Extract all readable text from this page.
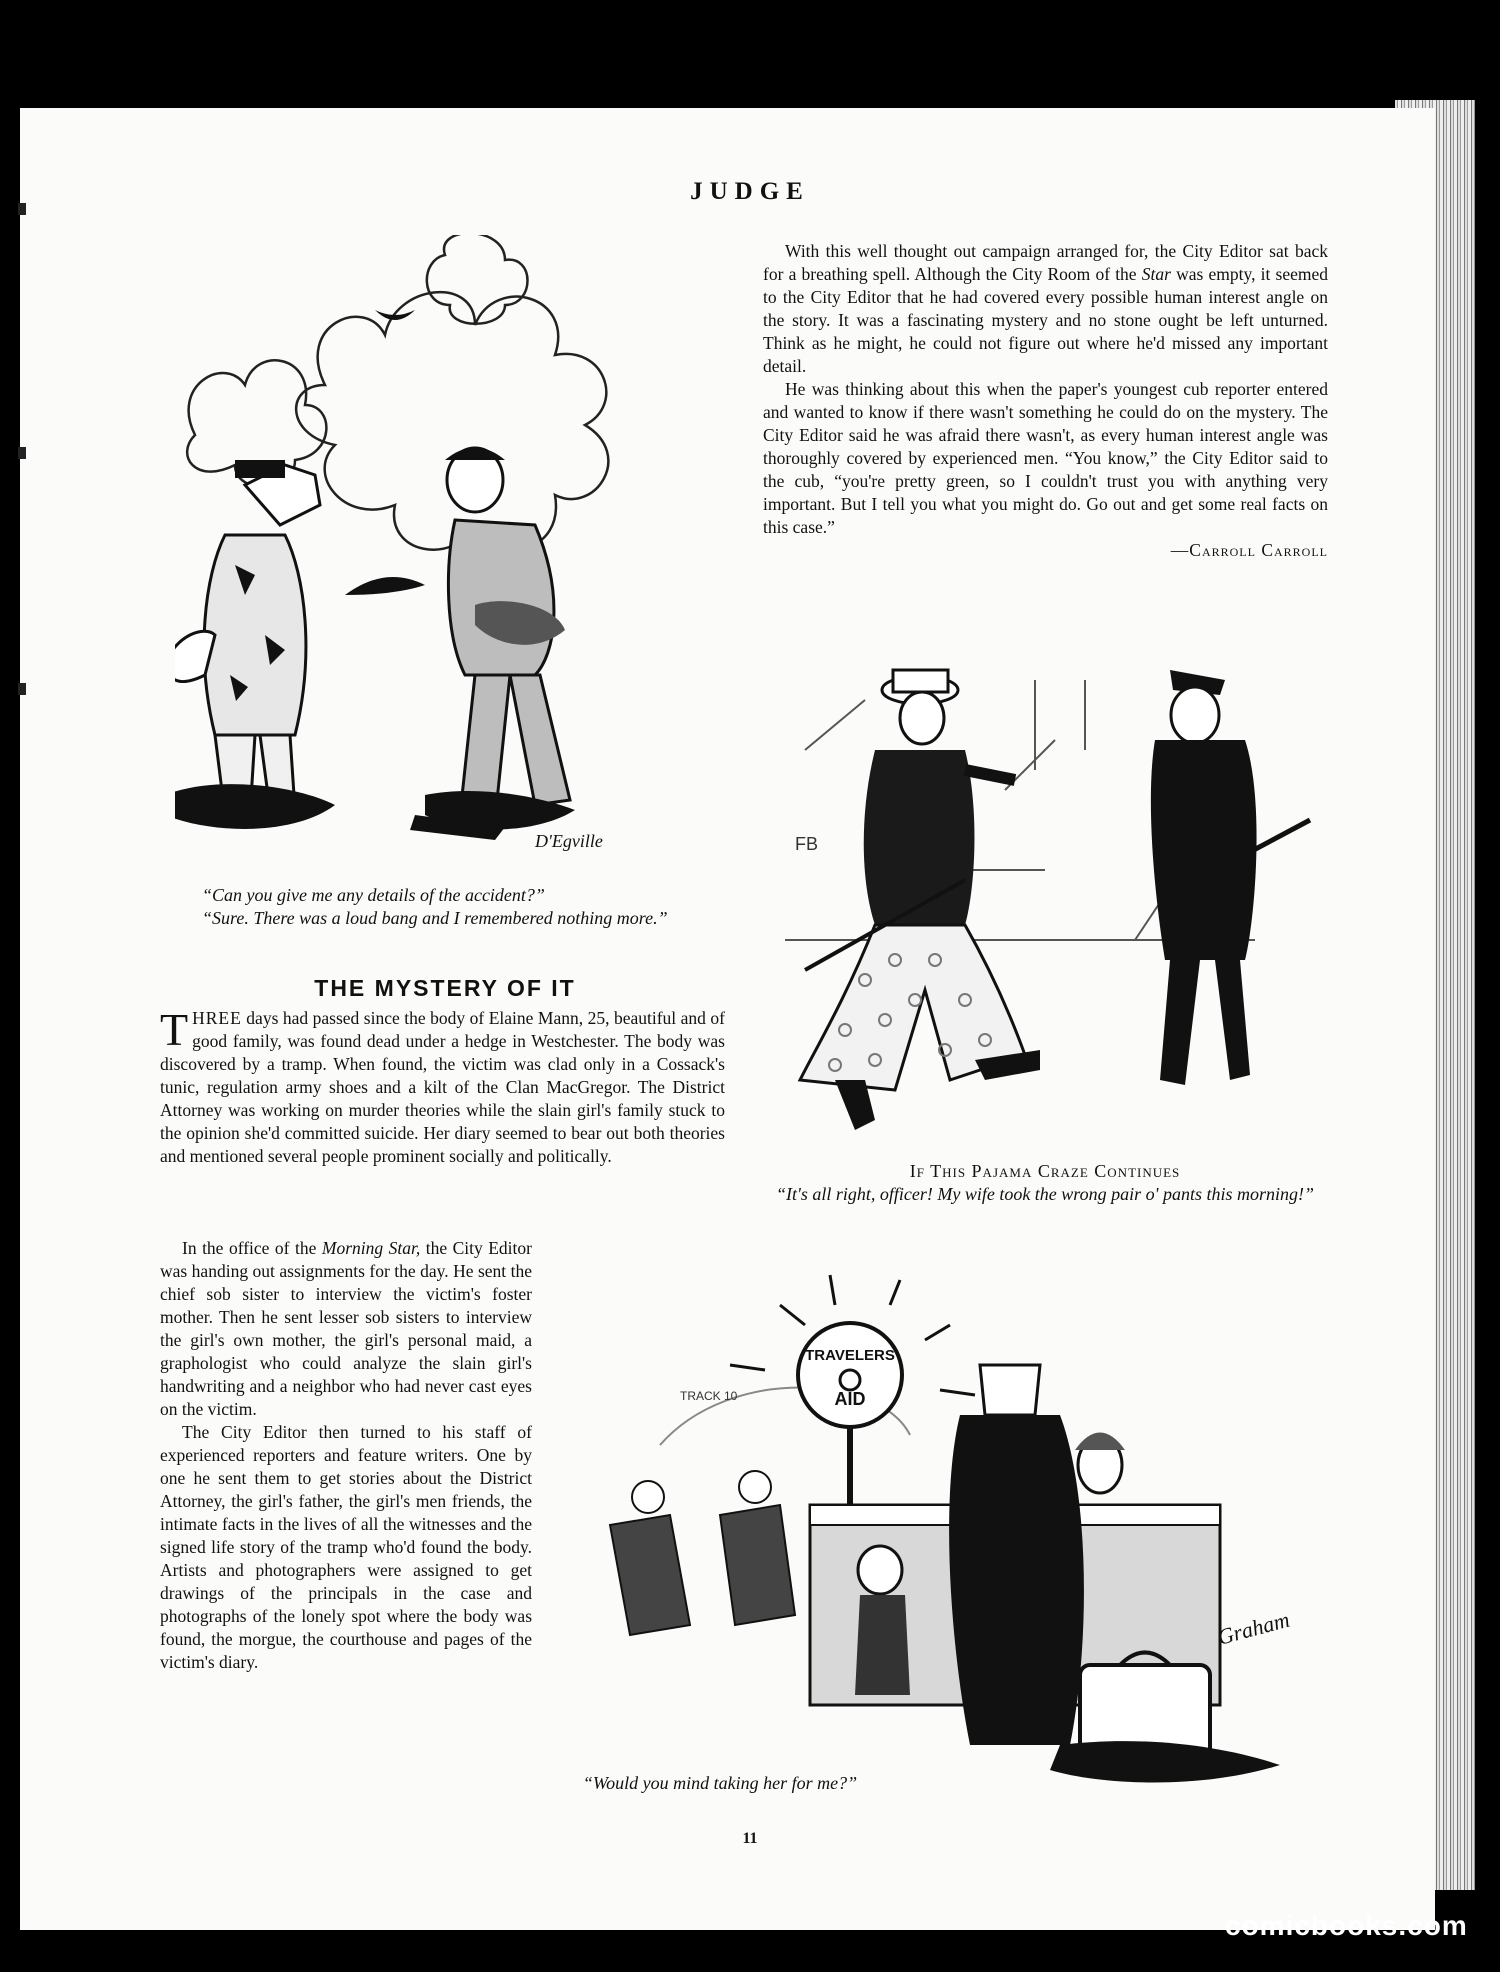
JUDGE
D'Egville
“Can you give me any details of the accident?”
“Sure. There was a loud bang and I remembered nothing more.”
THE MYSTERY OF IT

THREE days had passed since the body of Elaine Mann, 25, beautiful and of good family, was found dead under a hedge in Westchester. The body was discovered by a tramp. When found, the victim was clad only in a Cossack's tunic, regulation army shoes and a kilt of the Clan MacGregor. The District Attorney was working on murder theories while the slain girl's family stuck to the opinion she'd committed suicide. Her diary seemed to bear out both theories and mentioned several people prominent socially and politically.

In the office of the Morning Star, the City Editor was handing out assignments for the day. He sent the chief sob sister to interview the victim's foster mother. Then he sent lesser sob sisters to interview the girl's own mother, the girl's personal maid, a graphologist who could analyze the slain girl's handwriting and a neighbor who had never cast eyes on the victim.

The City Editor then turned to his staff of experienced reporters and feature writers. One by one he sent them to get stories about the District Attorney, the girl's father, the girl's men friends, the intimate facts in the lives of all the witnesses and the signed life story of the tramp who'd found the body. Artists and photographers were assigned to get drawings of the principals in the case and photographs of the lonely spot where the body was found, the morgue, the courthouse and pages of the victim's diary.

With this well thought out campaign arranged for, the City Editor sat back for a breathing spell. Although the City Room of the Star was empty, it seemed to the City Editor that he had covered every possible human interest angle on the story. It was a fascinating mystery and no stone ought be left unturned. Think as he might, he could not figure out where he'd missed any important detail.

He was thinking about this when the paper's youngest cub reporter entered and wanted to know if there wasn't something he could do on the mystery. The City Editor said he was afraid there wasn't, as every human interest angle was thoroughly covered by experienced men. “You know,” the City Editor said to the cub, “you're pretty green, so I couldn't trust you with anything very important. But I tell you what you might do. Go out and get some real facts on this case.”

—Carroll Carroll
FB
If This Pajama Craze Continues
“It's all right, officer! My wife took the wrong pair o' pants this morning!”
TRACK 10
TRAVELERS
AID
Graham
“Would you mind taking her for me?”
11
comicbooks.com
